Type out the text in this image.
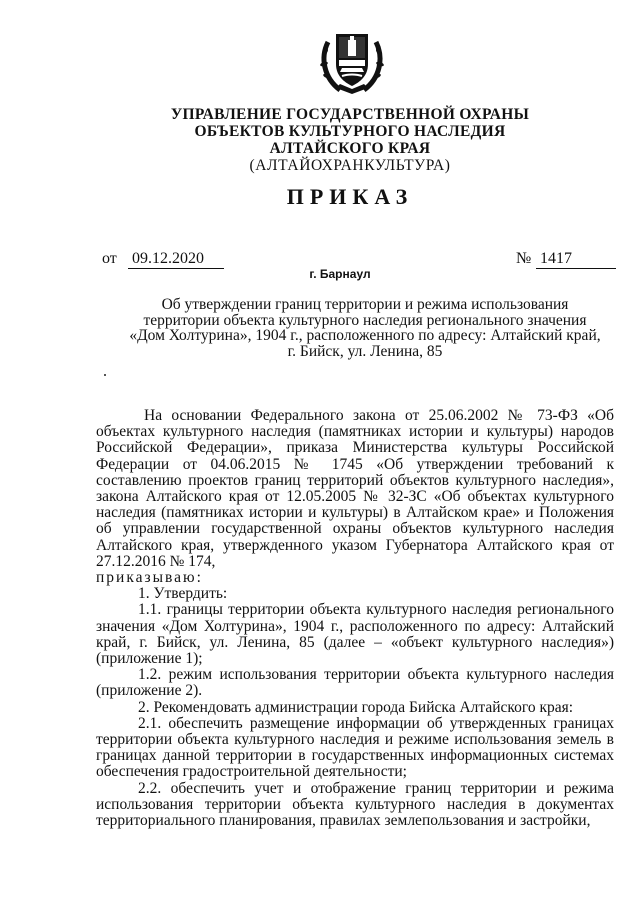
УПРАВЛЕНИЕ ГОСУДАРСТВЕННОЙ ОХРАНЫ
ОБЪЕКТОВ КУЛЬТУРНОГО НАСЛЕДИЯ
АЛТАЙСКОГО КРАЯ
(АЛТАЙОХРАНКУЛЬТУРА)
ПРИКАЗ
от 09.12.2020	№ 1417
г. Барнаул
Об утверждении границ территории и режима использования территории объекта культурного наследия регионального значения «Дом Холтурина», 1904 г., расположенного по адресу: Алтайский край, г. Бийск, ул. Ленина, 85
На основании Федерального закона от 25.06.2002 № 73-ФЗ «Об объектах культурного наследия (памятниках истории и культуры) народов Российской Федерации», приказа Министерства культуры Российской Федерации от 04.06.2015 № 1745 «Об утверждении требований к составлению проектов границ территорий объектов культурного наследия», закона Алтайского края от 12.05.2005 № 32-ЗС «Об объектах культурного наследия (памятниках истории и культуры) в Алтайском крае» и Положения об управлении государственной охраны объектов культурного наследия Алтайского края, утвержденного указом Губернатора Алтайского края от 27.12.2016 № 174,
приказываю:
1. Утвердить:
1.1. границы территории объекта культурного наследия регионального значения «Дом Холтурина», 1904 г., расположенного по адресу: Алтайский край, г. Бийск, ул. Ленина, 85 (далее – «объект культурного наследия») (приложение 1);
1.2. режим использования территории объекта культурного наследия (приложение 2).
2. Рекомендовать администрации города Бийска Алтайского края:
2.1. обеспечить размещение информации об утвержденных границах территории объекта культурного наследия и режиме использования земель в границах данной территории в государственных информационных системах обеспечения градостроительной деятельности;
2.2. обеспечить учет и отображение границ территории и режима использования территории объекта культурного наследия в документах территориального планирования, правилах землепользования и застройки,
